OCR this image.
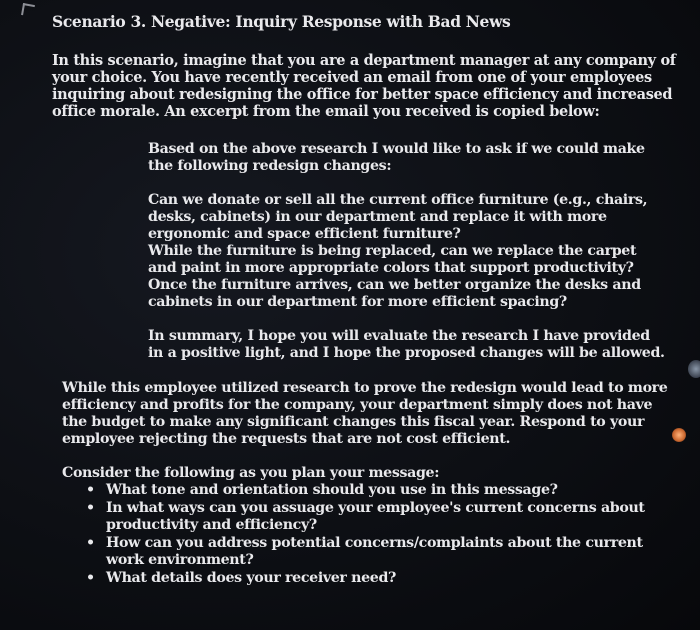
Scenario 3. Negative: Inquiry Response with Bad News

In this scenario, imagine that you are a department manager at any company of your choice. You have recently received an email from one of your employees inquiring about redesigning the office for better space efficiency and increased office morale. An excerpt from the email you received is copied below:

Based on the above research I would like to ask if we could make the following redesign changes:

Can we donate or sell all the current office furniture (e.g., chairs, desks, cabinets) in our department and replace it with more ergonomic and space efficient furniture?

While the furniture is being replaced, can we replace the carpet and paint in more appropriate colors that support productivity?

Once the furniture arrives, can we better organize the desks and cabinets in our department for more efficient spacing?

In summary, I hope you will evaluate the research I have provided in a positive light, and I hope the proposed changes will be allowed.

While this employee utilized research to prove the redesign would lead to more efficiency and profits for the company, your department simply does not have the budget to make any significant changes this fiscal year. Respond to your employee rejecting the requests that are not cost efficient.

Consider the following as you plan your message:
• What tone and orientation should you use in this message?
• In what ways can you assuage your employee's current concerns about productivity and efficiency?
• How can you address potential concerns/complaints about the current work environment?
• What details does your receiver need?
